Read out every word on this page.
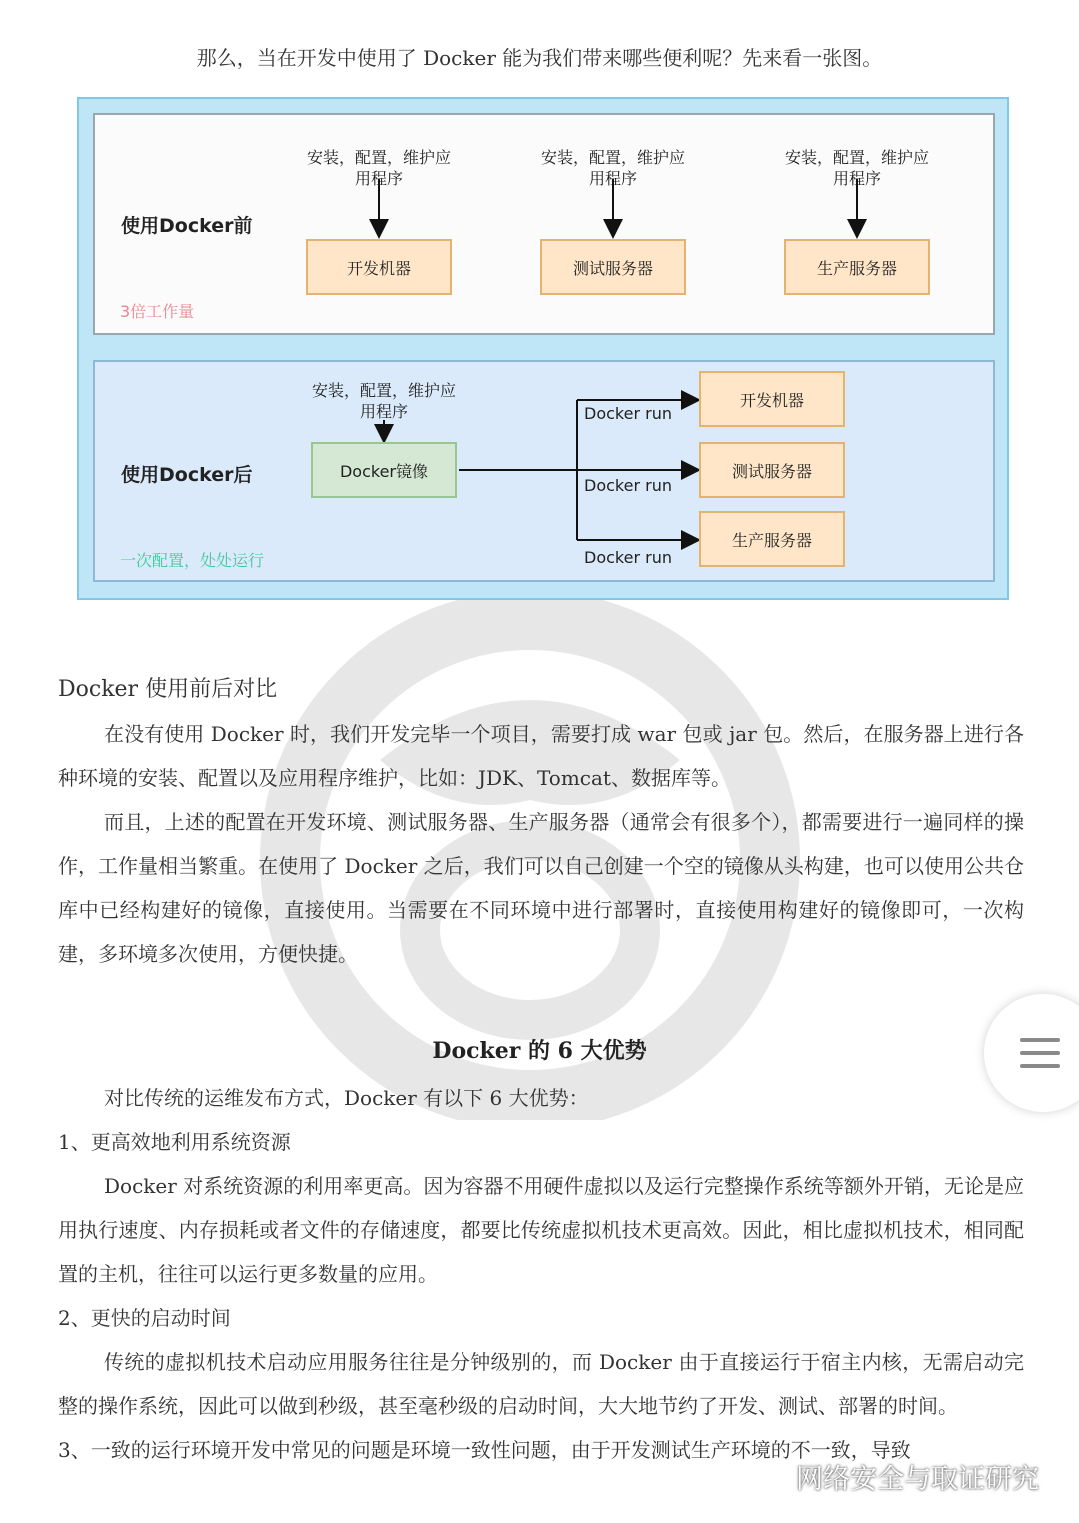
那么，当在开发中使用了 Docker 能为我们带来哪些便利呢？先来看一张图。
使用Docker前
3倍工作量
安装，配置，维护应用程序
安装，配置，维护应用程序
安装，配置，维护应用程序
开发机器	测试服务器	生产服务器
使用Docker后
一次配置，处处运行
安装，配置，维护应用程序
Docker镜像
Docker run
Docker run
Docker run
开发机器
测试服务器
生产服务器
Docker 使用前后对比

在没有使用 Docker 时，我们开发完毕一个项目，需要打成 war 包或 jar 包。然后，在服务器上进行各种环境的安装、配置以及应用程序维护，比如：JDK、Tomcat、数据库等。

而且，上述的配置在开发环境、测试服务器、生产服务器（通常会有很多个），都需要进行一遍同样的操作，工作量相当繁重。在使用了 Docker 之后，我们可以自己创建一个空的镜像从头构建，也可以使用公共仓库中已经构建好的镜像，直接使用。当需要在不同环境中进行部署时，直接使用构建好的镜像即可，一次构建，多环境多次使用，方便快捷。

Docker 的 6 大优势

对比传统的运维发布方式，Docker 有以下 6 大优势：

1、更高效地利用系统资源

Docker 对系统资源的利用率更高。因为容器不用硬件虚拟以及运行完整操作系统等额外开销，无论是应用执行速度、内存损耗或者文件的存储速度，都要比传统虚拟机技术更高效。因此，相比虚拟机技术，相同配置的主机，往往可以运行更多数量的应用。

2、更快的启动时间

传统的虚拟机技术启动应用服务往往是分钟级别的，而 Docker 由于直接运行于宿主内核，无需启动完整的操作系统，因此可以做到秒级，甚至毫秒级的启动时间，大大地节约了开发、测试、部署的时间。

3、一致的运行环境开发中常见的问题是环境一致性问题，由于开发测试生产环境的不一致，导致

网络安全与取证研究
